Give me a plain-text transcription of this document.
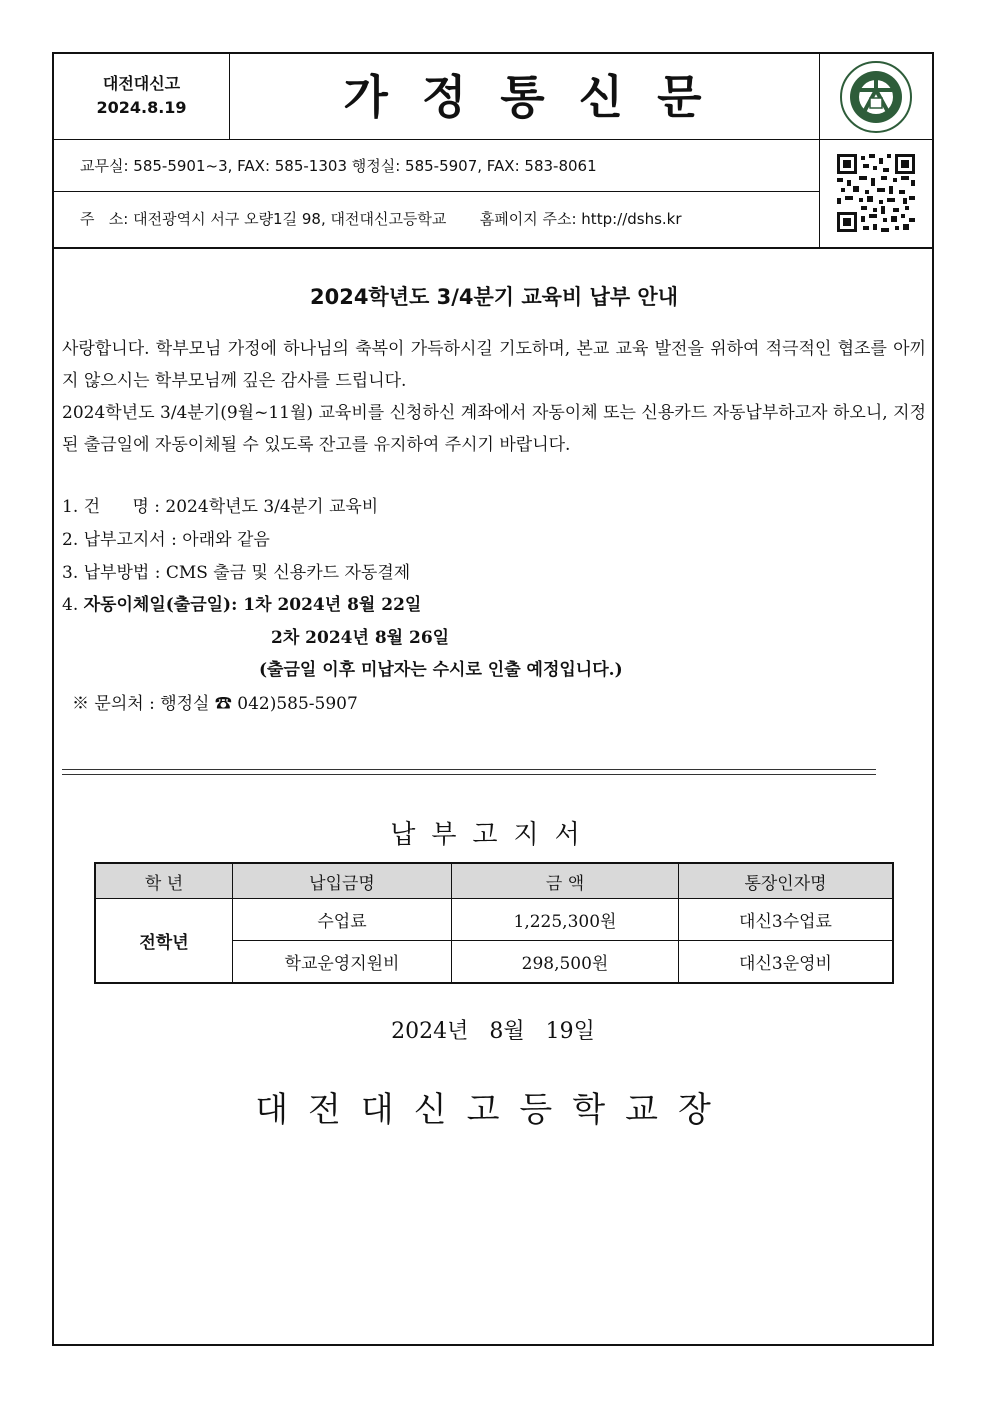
대전대신고
2024.8.19	가정통신문
교무실: 585-5901~3, FAX: 585-1303 행정실: 585-5907, FAX: 583-8061
주   소: 대전광역시 서구 오량1길 98, 대전대신고등학교       홈페이지 주소: http://dshs.kr
2024학년도 3/4분기 교육비 납부 안내
사랑합니다. 학부모님 가정에 하나님의 축복이 가득하시길 기도하며, 본교 교육 발전을 위하여 적극적인 협조를 아끼지 않으시는 학부모님께 깊은 감사를 드립니다.
2024학년도 3/4분기(9월~11월) 교육비를 신청하신 계좌에서 자동이체 또는 신용카드 자동납부하고자 하오니, 지정된 출금일에 자동이체될 수 있도록 잔고를 유지하여 주시기 바랍니다.
1. 건      명 : 2024학년도 3/4분기 교육비
2. 납부고지서 : 아래와 같음
3. 납부방법 : CMS 출금 및 신용카드 자동결제
4. 자동이체일(출금일): 1차 2024년 8월 22일
2차 2024년 8월 26일
(출금일 이후 미납자는 수시로 인출 예정입니다.)
※ 문의처 : 행정실 ☎ 042)585-5907
납부고지서
학 년	납입금명	금 액	통장인자명
전학년	수업료	1,225,300원	대신3수업료
	학교운영지원비	298,500원	대신3운영비
2024년   8월   19일
대전대신고등학교장
